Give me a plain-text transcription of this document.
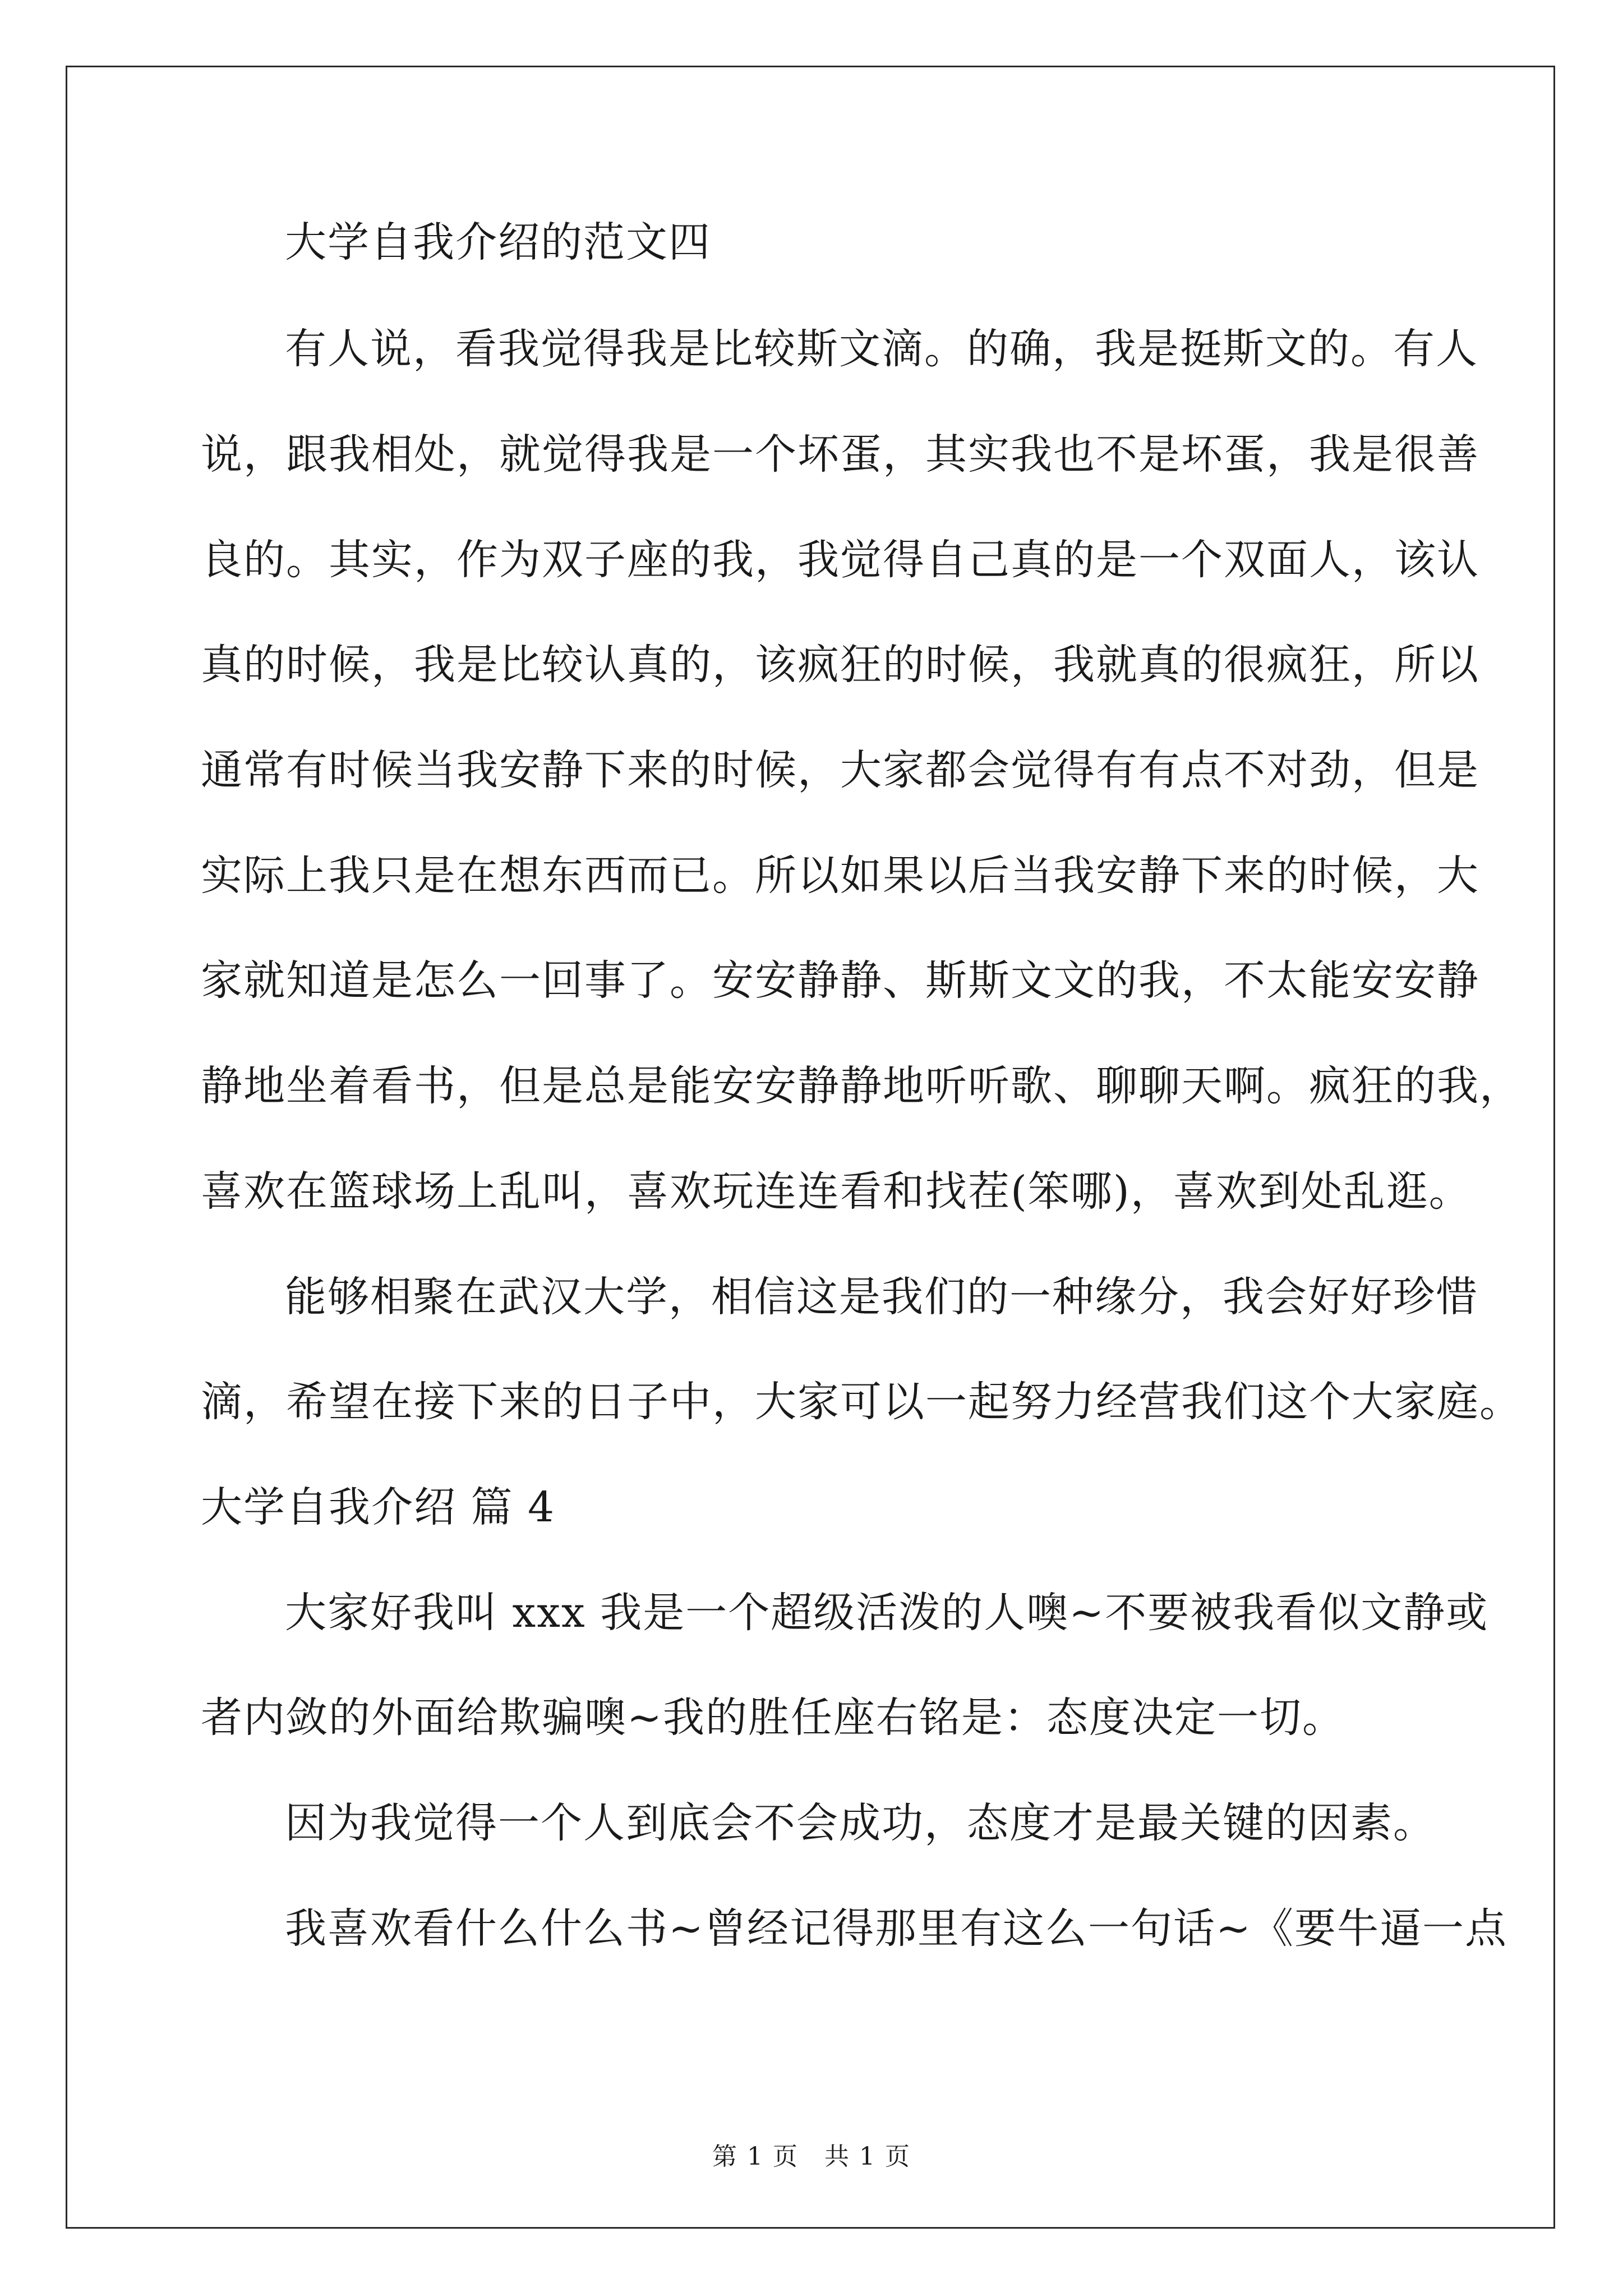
大学自我介绍的范文四
有人说，看我觉得我是比较斯文滴。的确，我是挺斯文的。有人
说，跟我相处，就觉得我是一个坏蛋，其实我也不是坏蛋，我是很善
良的。其实，作为双子座的我，我觉得自己真的是一个双面人，该认
真的时候，我是比较认真的，该疯狂的时候，我就真的很疯狂，所以
通常有时候当我安静下来的时候，大家都会觉得有有点不对劲，但是
实际上我只是在想东西而已。所以如果以后当我安静下来的时候，大
家就知道是怎么一回事了。安安静静、斯斯文文的我，不太能安安静
静地坐着看书，但是总是能安安静静地听听歌、聊聊天啊。疯狂的我，
喜欢在篮球场上乱叫，喜欢玩连连看和找茬(笨哪)，喜欢到处乱逛。
能够相聚在武汉大学，相信这是我们的一种缘分，我会好好珍惜
滴，希望在接下来的日子中，大家可以一起努力经营我们这个大家庭。
大学自我介绍 篇 4
大家好我叫 xxx 我是一个超级活泼的人噢~不要被我看似文静或
者内敛的外面给欺骗噢~我的胜任座右铭是：态度决定一切。
因为我觉得一个人到底会不会成功，态度才是最关键的因素。
我喜欢看什么什么书~曾经记得那里有这么一句话~《要牛逼一点
第 1 页　共 1 页
